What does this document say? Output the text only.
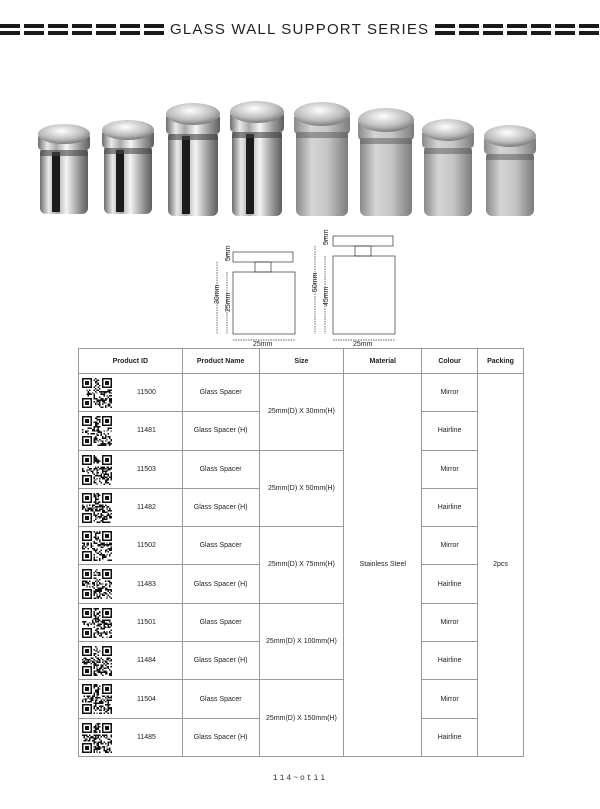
GLASS WALL SUPPORT SERIES
5mm
30mm 25mm
25mm
5mm
50mm
45mm
25mm
Product ID	Product Name	Size	Material	Colour	Packing

11500	Glass Spacer	25mm(D) X 30mm(H)	Stainless Steel	Mirror	2pcs

11481	Glass Spacer (H)			Hairline	

11503	Glass Spacer	25mm(D) X 50mm(H)		Mirror	

11482	Glass Spacer (H)			Hairline	

11502	Glass Spacer	25mm(D) X 75mm(H)		Mirror	

11483	Glass Spacer (H)			Hairline	

11501	Glass Spacer	25mm(D) X 100mm(H)		Mirror	

11484	Glass Spacer (H)			Hairline	

11504	Glass Spacer	25mm(D) X 150mm(H)		Mirror	

11485	Glass Spacer (H)			Hairline	
114~otii
